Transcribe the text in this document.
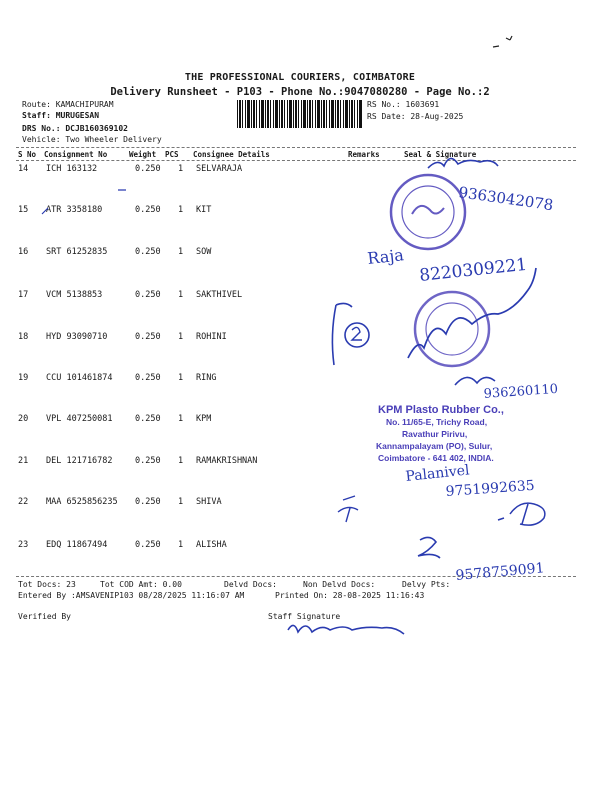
THE PROFESSIONAL COURIERS, COIMBATORE
Delivery Runsheet - P103 - Phone No.:9047080280 - Page No.:2
Route: KAMACHIPURAM
Staff: MURUGESAN
DRS No.: DCJB160369102
Vehicle: Two Wheeler Delivery
RS No.: 1603691
RS Date: 28-Aug-2025
S No Consignment No	Weight PCS Consignee Details	Remarks	Seal & Signature
14 ICH 163132	0.250 1 SELVARAJA
15 ATR 3358180	0.250 1 KIT
16 SRT 61252835	0.250 1 SOW
17 VCM 5138853	0.250 1 SAKTHIVEL
18 HYD 93090710	0.250 1 ROHINI
19 CCU 101461874	0.250 1 RING
20 VPL 407250081	0.250 1 KPM
21 DEL 121716782	0.250 1 RAMAKRISHNAN
22 MAA 6525856235 0.250 1 SHIVA
23 EDQ 11867494	0.250 1 ALISHA
Tot Docs: 23	Tot COD Amt: 0.00	Delvd Docs:	Non Delvd Docs:	Delvy Pts:
Entered By :AMSAVENIP103 08/28/2025 11:16:07 AM	Printed On: 28-08-2025 11:16:43
Verified By	Staff Signature
KPM Plasto Rubber Co.,
No. 11/65-E, Trichy Road,
Ravathur Pirivu,
Kannampalayam (PO), Sulur,
Coimbatore - 641 402, INDIA.
9363042078
Raja 8220309221
936260110
Palanivel
9751992635
9578759091
